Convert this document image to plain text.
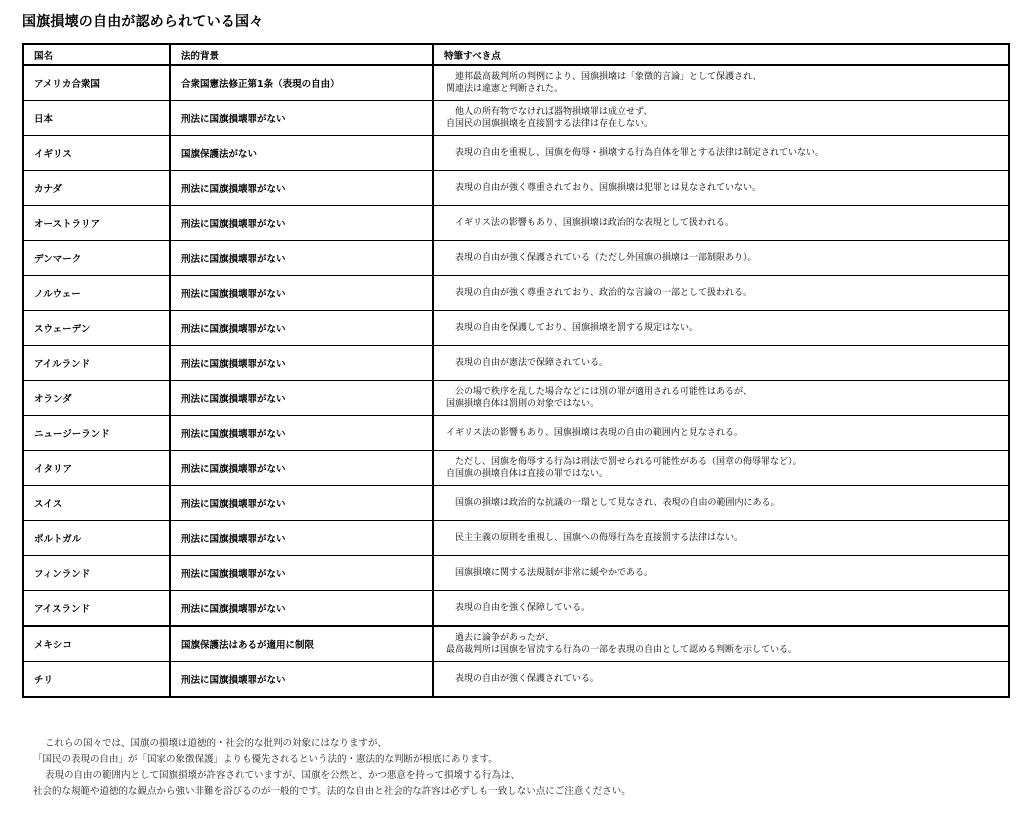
国旗損壊の自由が認められている国々
国名	法的背景	特筆すべき点
アメリカ合衆国	合衆国憲法修正第1条（表現の自由）	　連邦最高裁判所の判例により、国旗損壊は「象徴的言論」として保護され、
関連法は違憲と判断された。
日本	刑法に国旗損壊罪がない	　他人の所有物でなければ器物損壊罪は成立せず、
自国民の国旗損壊を直接罰する法律は存在しない。
イギリス	国旗保護法がない	　表現の自由を重視し、国旗を侮辱・損壊する行為自体を罪とする法律は制定されていない。
カナダ	刑法に国旗損壊罪がない	　表現の自由が強く尊重されており、国旗損壊は犯罪とは見なされていない。
オーストラリア	刑法に国旗損壊罪がない	　イギリス法の影響もあり、国旗損壊は政治的な表現として扱われる。
デンマーク	刑法に国旗損壊罪がない	　表現の自由が強く保護されている（ただし外国旗の損壊は一部制限あり）。
ノルウェー	刑法に国旗損壊罪がない	　表現の自由が強く尊重されており、政治的な言論の一部として扱われる。
スウェーデン	刑法に国旗損壊罪がない	　表現の自由を保護しており、国旗損壊を罰する規定はない。
アイルランド	刑法に国旗損壊罪がない	　表現の自由が憲法で保障されている。
オランダ	刑法に国旗損壊罪がない	　公の場で秩序を乱した場合などには別の罪が適用される可能性はあるが、
国旗損壊自体は罰則の対象ではない。
ニュージーランド	刑法に国旗損壊罪がない	イギリス法の影響もあり、国旗損壊は表現の自由の範囲内と見なされる。
イタリア	刑法に国旗損壊罪がない	　ただし、国旗を侮辱する行為は刑法で罰せられる可能性がある（国章の侮辱罪など）。
自国旗の損壊自体は直接の罪ではない。
スイス	刑法に国旗損壊罪がない	　国旗の損壊は政治的な抗議の一環として見なされ、表現の自由の範囲内にある。
ポルトガル	刑法に国旗損壊罪がない	　民主主義の原則を重視し、国旗への侮辱行為を直接罰する法律はない。
フィンランド	刑法に国旗損壊罪がない	　国旗損壊に関する法規制が非常に緩やかである。
アイスランド	刑法に国旗損壊罪がない	　表現の自由を強く保障している。
メキシコ	国旗保護法はあるが適用に制限	　過去に論争があったが、
最高裁判所は国旗を冒涜する行為の一部を表現の自由として認める判断を示している。
チリ	刑法に国旗損壊罪がない	　表現の自由が強く保護されている。

これらの国々では、国旗の損壊は道徳的・社会的な批判の対象にはなりますが、

「国民の表現の自由」が「国家の象徴保護」よりも優先されるという法的・憲法的な判断が根底にあります。

表現の自由の範囲内として国旗損壊が許容されていますが、国旗を公然と、かつ悪意を持って損壊する行為は、

社会的な規範や道徳的な観点から強い非難を浴びるのが一般的です。法的な自由と社会的な許容は必ずしも一致しない点にご注意ください。
